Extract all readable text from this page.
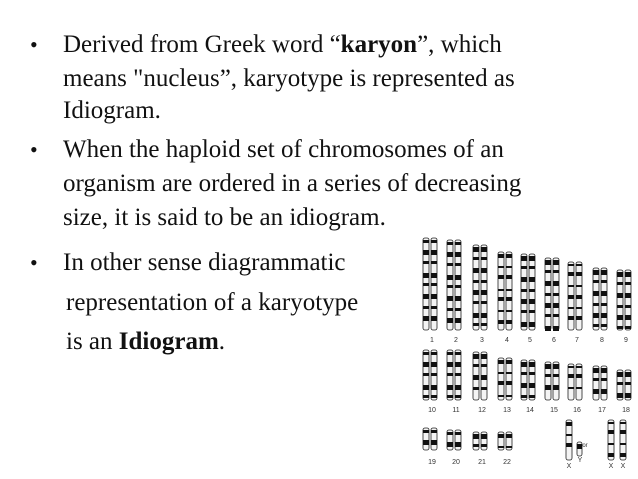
• Derived from Greek word “karyon”, which
means "nucleus”, karyotype is represented as
Idiogram.
• When the haploid set of chromosomes of an
organism are ordered in a series of decreasing
size, it is said to be an idiogram.
• In other sense diagrammatic
representation of a karyotype
is an Idiogram.
or
1	2	3	4	5	6	7	8	9
10 11	12 13 14 15 16 17 18
19 20	21 22
X
Y
X X
